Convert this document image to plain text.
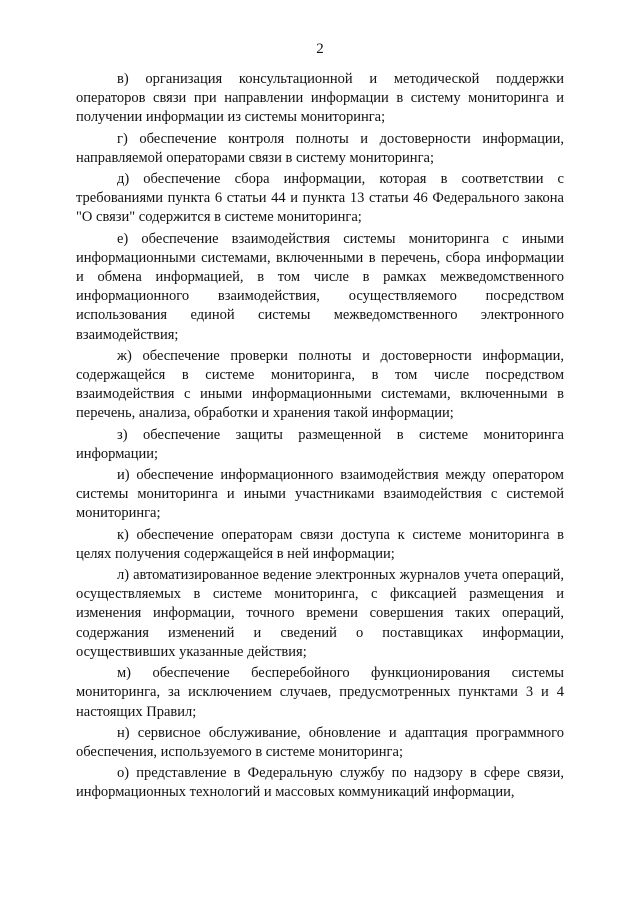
2

в) организация консультационной и методической поддержки операторов связи при направлении информации в систему мониторинга и получении информации из системы мониторинга;

г) обеспечение контроля полноты и достоверности информации, направляемой операторами связи в систему мониторинга;

д) обеспечение сбора информации, которая в соответствии с требованиями пункта 6 статьи 44 и пункта 13 статьи 46 Федерального закона "О связи" содержится в системе мониторинга;

е) обеспечение взаимодействия системы мониторинга с иными информационными системами, включенными в перечень, сбора информации и обмена информацией, в том числе в рамках межведомственного информационного взаимодействия, осуществляемого посредством использования единой системы межведомственного электронного взаимодействия;

ж) обеспечение проверки полноты и достоверности информации, содержащейся в системе мониторинга, в том числе посредством взаимодействия с иными информационными системами, включенными в перечень, анализа, обработки и хранения такой информации;

з) обеспечение защиты размещенной в системе мониторинга информации;

и) обеспечение информационного взаимодействия между оператором системы мониторинга и иными участниками взаимодействия с системой мониторинга;

к) обеспечение операторам связи доступа к системе мониторинга в целях получения содержащейся в ней информации;

л) автоматизированное ведение электронных журналов учета операций, осуществляемых в системе мониторинга, с фиксацией размещения и изменения информации, точного времени совершения таких операций, содержания изменений и сведений о поставщиках информации, осуществивших указанные действия;

м) обеспечение бесперебойного функционирования системы мониторинга, за исключением случаев, предусмотренных пунктами 3 и 4 настоящих Правил;

н) сервисное обслуживание, обновление и адаптация программного обеспечения, используемого в системе мониторинга;

о) представление в Федеральную службу по надзору в сфере связи, информационных технологий и массовых коммуникаций информации,
